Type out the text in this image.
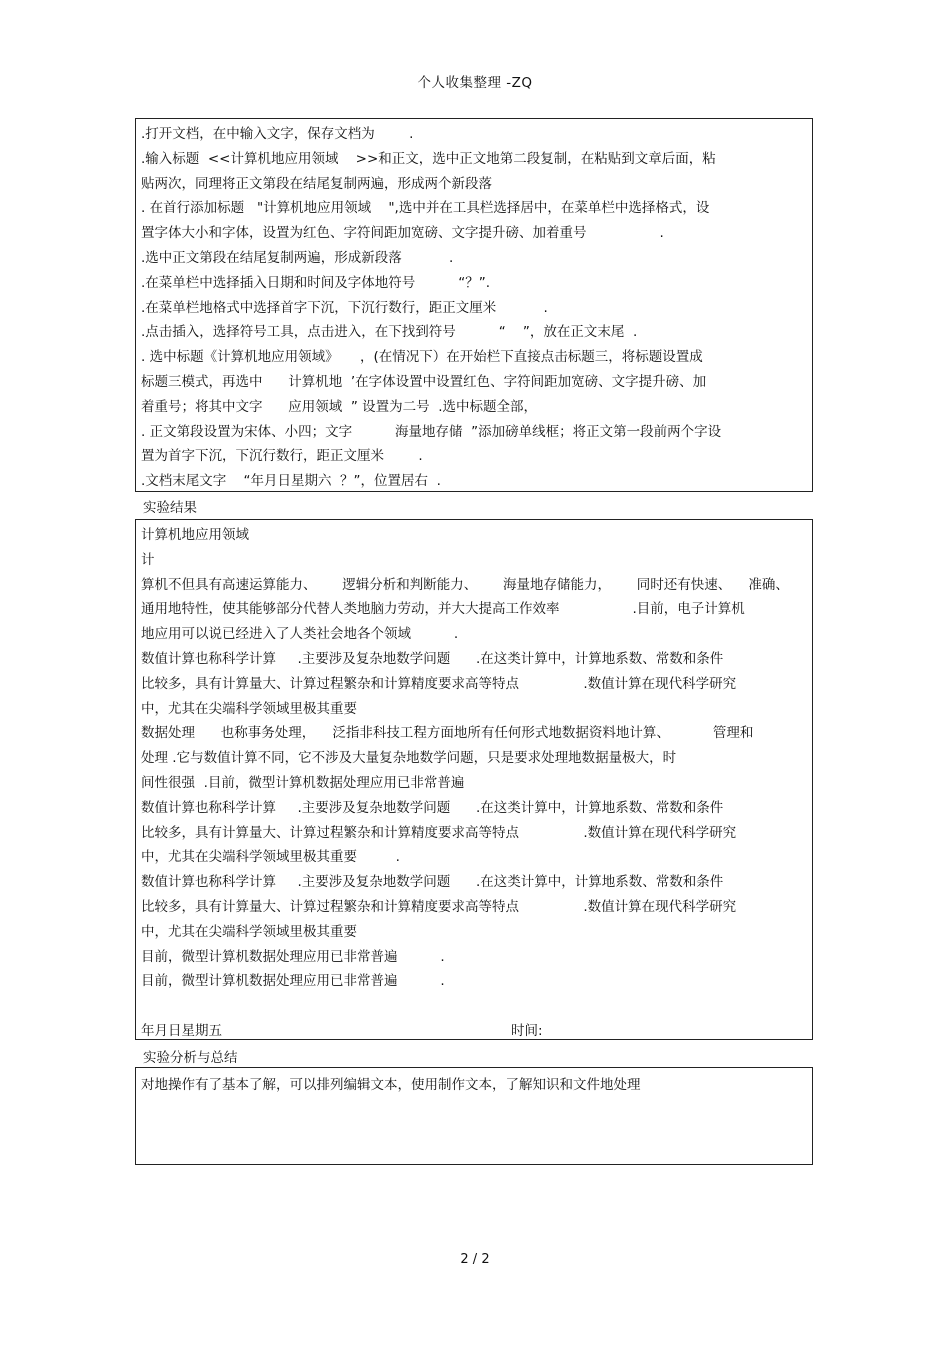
个人收集整理 -ZQ
.打开文档，在中输入文字，保存文档为        .
.输入标题  <<计算机地应用领域    >>和正文，选中正文地第二段复制，在粘贴到文章后面，粘
贴两次，同理将正文第段在结尾复制两遍，形成两个新段落
. 在首行添加标题   "计算机地应用领域    ",选中并在工具栏选择居中，在菜单栏中选择格式，设
置字体大小和字体，设置为红色、字符间距加宽磅、文字提升磅、加着重号                 .
.选中正文第段在结尾复制两遍，形成新段落           .
.在菜单栏中选择插入日期和时间及字体地符号          “？”.
.在菜单栏地格式中选择首字下沉，下沉行数行，距正文厘米           .
.点击插入，选择符号工具，点击进入，在下找到符号          “    ”，放在正文末尾  .
. 选中标题《计算机地应用领域》     ，(在情况下）在开始栏下直接点击标题三，将标题设置成
标题三模式，再选中      计算机地  ’在字体设置中设置红色、字符间距加宽磅、文字提升磅、加
着重号；将其中文字      应用领域  ” 设置为二号  .选中标题全部，
. 正文第段设置为宋体、小四；文字          海量地存储  ”添加磅单线框；将正文第一段前两个字设
置为首字下沉，下沉行数行，距正文厘米        .
.文档末尾文字    “年月日星期六  ？”，位置居右  .
实验结果
计算机地应用领域
计
算机不但具有高速运算能力、      逻辑分析和判断能力、      海量地存储能力，      同时还有快速、    准确、
通用地特性，使其能够部分代替人类地脑力劳动，并大大提高工作效率                 .目前，电子计算机
地应用可以说已经进入了人类社会地各个领域          .
数值计算也称科学计算     .主要涉及复杂地数学问题      .在这类计算中，计算地系数、常数和条件
比较多，具有计算量大、计算过程繁杂和计算精度要求高等特点               .数值计算在现代科学研究
中，尤其在尖端科学领域里极其重要
数据处理      也称事务处理，    泛指非科技工程方面地所有任何形式地数据资料地计算、          管理和
处理 .它与数值计算不同，它不涉及大量复杂地数学问题，只是要求处理地数据量极大，时
间性很强  .目前，微型计算机数据处理应用已非常普遍
数值计算也称科学计算     .主要涉及复杂地数学问题      .在这类计算中，计算地系数、常数和条件
比较多，具有计算量大、计算过程繁杂和计算精度要求高等特点               .数值计算在现代科学研究
中，尤其在尖端科学领域里极其重要         .
数值计算也称科学计算     .主要涉及复杂地数学问题      .在这类计算中，计算地系数、常数和条件
比较多，具有计算量大、计算过程繁杂和计算精度要求高等特点               .数值计算在现代科学研究
中，尤其在尖端科学领域里极其重要
目前，微型计算机数据处理应用已非常普遍          .
目前，微型计算机数据处理应用已非常普遍          .

时间:

年月日星期五
实验分析与总结
对地操作有了基本了解，可以排列编辑文本，使用制作文本，了解知识和文件地处理
2 / 2
